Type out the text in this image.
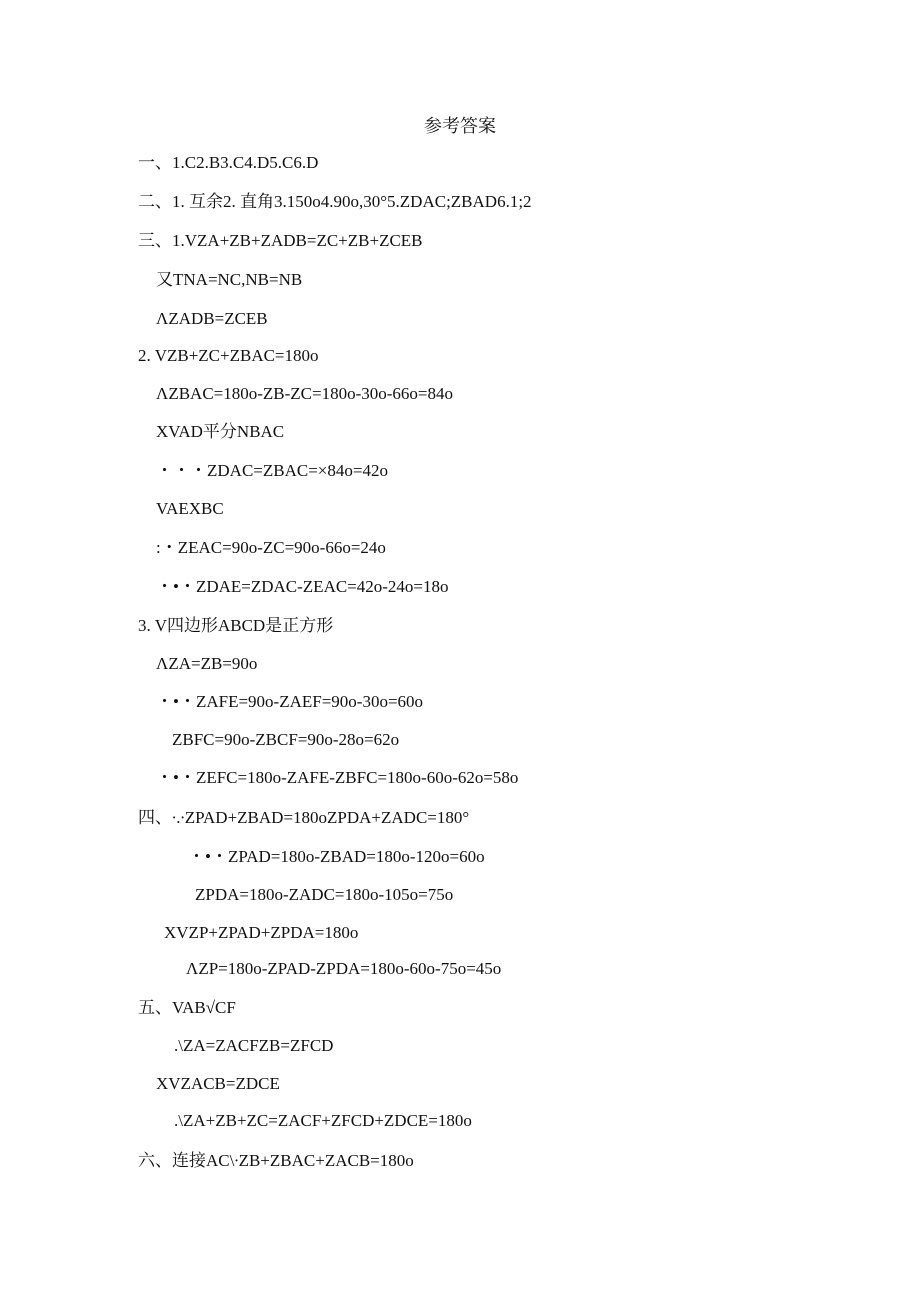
参考答案
一、1.C2.B3.C4.D5.C6.D
二、1. 互余2. 直角3.150o4.90o,30°5.ZDAC;ZBAD6.1;2
三、1.VZA+ZB+ZADB=ZC+ZB+ZCEB
又TNA=NC,NB=NB
ΛZADB=ZCEB
2. VZB+ZC+ZBAC=180o
ΛZBAC=180o-ZB-ZC=180o-30o-66o=84o
XVAD平分NBAC
・・・ZDAC=ZBAC=×84o=42o
VAEXBC
:・ZEAC=90o-ZC=90o-66o=24o
・•・ZDAE=ZDAC-ZEAC=42o-24o=18o
3. V四边形ABCD是正方形
ΛZA=ZB=90o
・•・ZAFE=90o-ZAEF=90o-30o=60o
ZBFC=90o-ZBCF=90o-28o=62o
・•・ZEFC=180o-ZAFE-ZBFC=180o-60o-62o=58o
四、∙.∙ZPAD+ZBAD=180oZPDA+ZADC=180°
・•・ZPAD=180o-ZBAD=180o-120o=60o
ZPDA=180o-ZADC=180o-105o=75o
XVZP+ZPAD+ZPDA=180o
ΛZP=180o-ZPAD-ZPDA=180o-60o-75o=45o
五、VAB√CF
.\ZA=ZACFZB=ZFCD
XVZACB=ZDCE
.\ZA+ZB+ZC=ZACF+ZFCD+ZDCE=180o
六、连接AC\∙ZB+ZBAC+ZACB=180o
